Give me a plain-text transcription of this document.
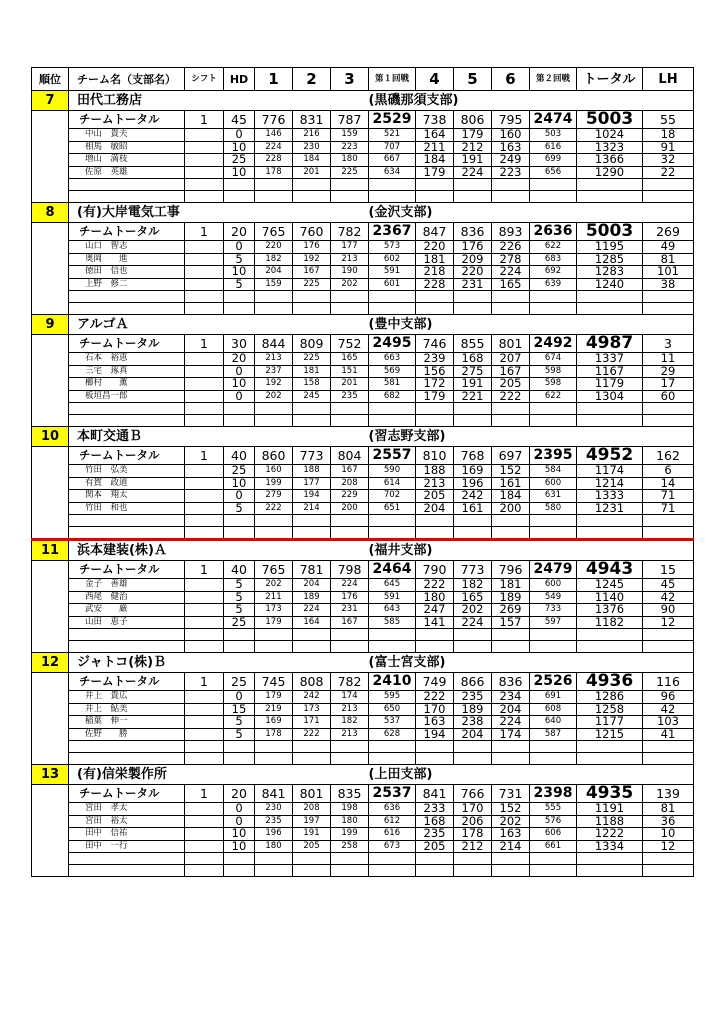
順位	チーム名（支部名）	シフト	HD	1	2	3	第１回戦	4	5	6	第２回戦	トータル	LH
7	田代工務店						(黒磯那須支部)						
	チームトータル	1	45	776	831	787	2529	738	806	795	2474	5003	55
	中山　貴夫		0	146	216	159	521	164	179	160	503	1024	18
	相馬　敏昭		10	224	230	223	707	211	212	163	616	1323	91
	増山　満枝		25	228	184	180	667	184	191	249	699	1366	32
	佐原　英雄		10	178	201	225	634	179	224	223	656	1290	22

8	(有)大岸電気工事						(金沢支部)						
	チームトータル	1	20	765	760	782	2367	847	836	893	2636	5003	269
	山口　智志		0	220	176	177	573	220	176	226	622	1195	49
	奥岡　　進		5	182	192	213	602	181	209	278	683	1285	81
	徳田　信也		10	204	167	190	591	218	220	224	692	1283	101
	上野　修二		5	159	225	202	601	228	231	165	639	1240	38

9	アルゴＡ						(豊中支部)						
	チームトータル	1	30	844	809	752	2495	746	855	801	2492	4987	3
	石本　裕恵		20	213	225	165	663	239	168	207	674	1337	11
	三宅　琢真		0	237	181	151	569	156	275	167	598	1167	29
	櫛村　　薫		10	192	158	201	581	172	191	205	598	1179	17
	板垣昌一郎		0	202	245	235	682	179	221	222	622	1304	60

10	本町交通Ｂ						(習志野支部)						
	チームトータル	1	40	860	773	804	2557	810	768	697	2395	4952	162
	竹田　弘美		25	160	188	167	590	188	169	152	584	1174	6
	有賀　政道		10	199	177	208	614	213	196	161	600	1214	14
	関本　翔太		0	279	194	229	702	205	242	184	631	1333	71
	竹田　和也		5	222	214	200	651	204	161	200	580	1231	71

11	浜本建装(株)Ａ						(福井支部)						
	チームトータル	1	40	765	781	798	2464	790	773	796	2479	4943	15
	金子　善雄		5	202	204	224	645	222	182	181	600	1245	45
	西尾　健治		5	211	189	176	591	180	165	189	549	1140	42
	武安　　厳		5	173	224	231	643	247	202	269	733	1376	90
	山田　恵子		25	179	164	167	585	141	224	157	597	1182	12

12	ジャトコ(株)Ｂ						(富士宮支部)						
	チームトータル	1	25	745	808	782	2410	749	866	836	2526	4936	116
	井上　貴広		0	179	242	174	595	222	235	234	691	1286	96
	井上　鮎美		15	219	173	213	650	170	189	204	608	1258	42
	稲葉　伸一		5	169	171	182	537	163	238	224	640	1177	103
	佐野　　勝		5	178	222	213	628	194	204	174	587	1215	41

13	(有)信栄製作所						(上田支部)						
	チームトータル	1	20	841	801	835	2537	841	766	731	2398	4935	139
	宮田　孝太		0	230	208	198	636	233	170	152	555	1191	81
	宮田　裕太		0	235	197	180	612	168	206	202	576	1188	36
	田中　信祐		10	196	191	199	616	235	178	163	606	1222	10
	田中　一行		10	180	205	258	673	205	212	214	661	1334	12
